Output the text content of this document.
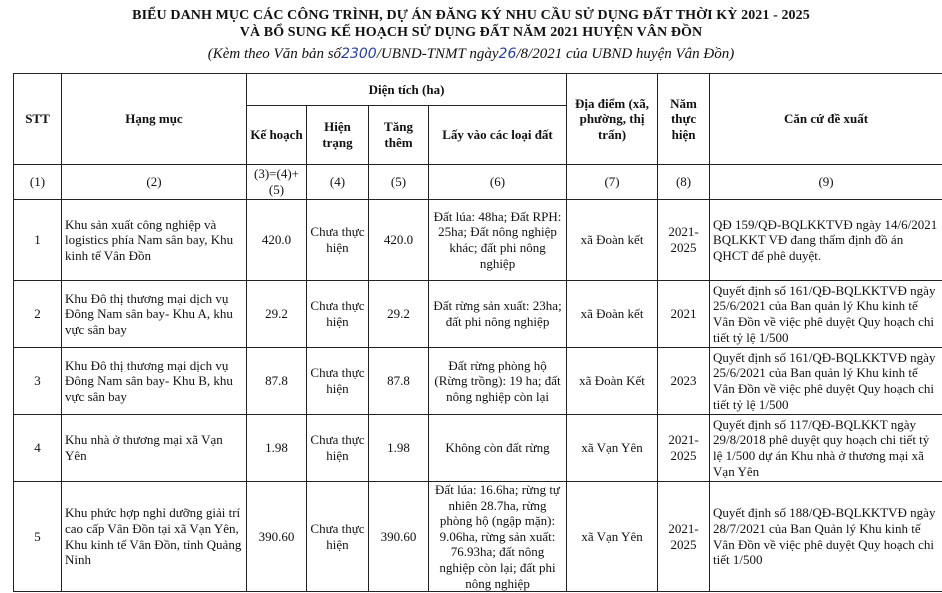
BIỂU DANH MỤC CÁC CÔNG TRÌNH, DỰ ÁN ĐĂNG KÝ NHU CẦU SỬ DỤNG ĐẤT THỜI KỲ 2021 - 2025
VÀ BỔ SUNG KẾ HOẠCH SỬ DỤNG ĐẤT NĂM 2021 HUYỆN VÂN ĐỒN
(Kèm theo Văn bản số2300/UBND-TNMT ngày26/8/2021 của UBND huyện Vân Đồn)
STT	Hạng mục	Diện tích (ha)				Địa điểm (xã, phường, thị trấn)	Năm thực hiện	Căn cứ đề xuất
		Kế hoạch	Hiện trạng	Tăng thêm	Lấy vào các loại đất			
(1)	(2)	(3)=(4)+(5)	(4)	(5)	(6)	(7)	(8)	(9)
1	Khu sản xuất công nghiệp và logistics phía Nam sân bay, Khu kinh tế Vân Đồn	420.0	Chưa thực hiện	420.0	Đất lúa: 48ha; Đất RPH: 25ha; Đất nông nghiệp khác; đất phi nông nghiệp	xã Đoàn kết	2021-2025	QĐ 159/QĐ-BQLKKTVĐ ngày 14/6/2021 BQLKKT VĐ đang thẩm định đồ án QHCT để phê duyệt.
2	Khu Đô thị thương mại dịch vụ Đông Nam sân bay- Khu A, khu vực sân bay	29.2	Chưa thực hiện	29.2	Đất rừng sản xuất: 23ha; đất phi nông nghiệp	xã Đoàn kết	2021	Quyết định số 161/QĐ-BQLKKTVĐ ngày 25/6/2021 của Ban quản lý Khu kinh tế Vân Đồn về việc phê duyệt Quy hoạch chi tiết tỷ lệ 1/500
3	Khu Đô thị thương mại dịch vụ Đông Nam sân bay- Khu B, khu vực sân bay	87.8	Chưa thực hiện	87.8	Đất rừng phòng hộ (Rừng trồng): 19 ha; đất nông nghiệp còn lại	xã Đoàn Kết	2023	Quyết định số 161/QĐ-BQLKKTVĐ ngày 25/6/2021 của Ban quản lý Khu kinh tế Vân Đồn về việc phê duyệt Quy hoạch chi tiết tỷ lệ 1/500
4	Khu nhà ở thương mại xã Vạn Yên	1.98	Chưa thực hiện	1.98	Không còn đất rừng	xã Vạn Yên	2021-2025	Quyết định số 117/QĐ-BQLKKT ngày 29/8/2018 phê duyệt quy hoạch chi tiết tỷ lệ 1/500 dự án Khu nhà ở thương mại xã Vạn Yên
5	Khu phức hợp nghỉ dưỡng giải trí cao cấp Vân Đồn tại xã Vạn Yên, Khu kinh tế Vân Đồn, tỉnh Quảng Ninh	390.60	Chưa thực hiện	390.60	Đất lúa: 16.6ha; rừng tự nhiên 28.7ha, rừng phòng hộ (ngập mặn): 9.06ha, rừng sản xuất: 76.93ha; đất nông nghiệp còn lại; đất phi nông nghiệp	xã Vạn Yên	2021-2025	Quyết định số 188/QĐ-BQLKKTVĐ ngày 28/7/2021 của Ban Quản lý Khu kinh tế Vân Đồn về việc phê duyệt Quy hoạch chi tiết 1/500
